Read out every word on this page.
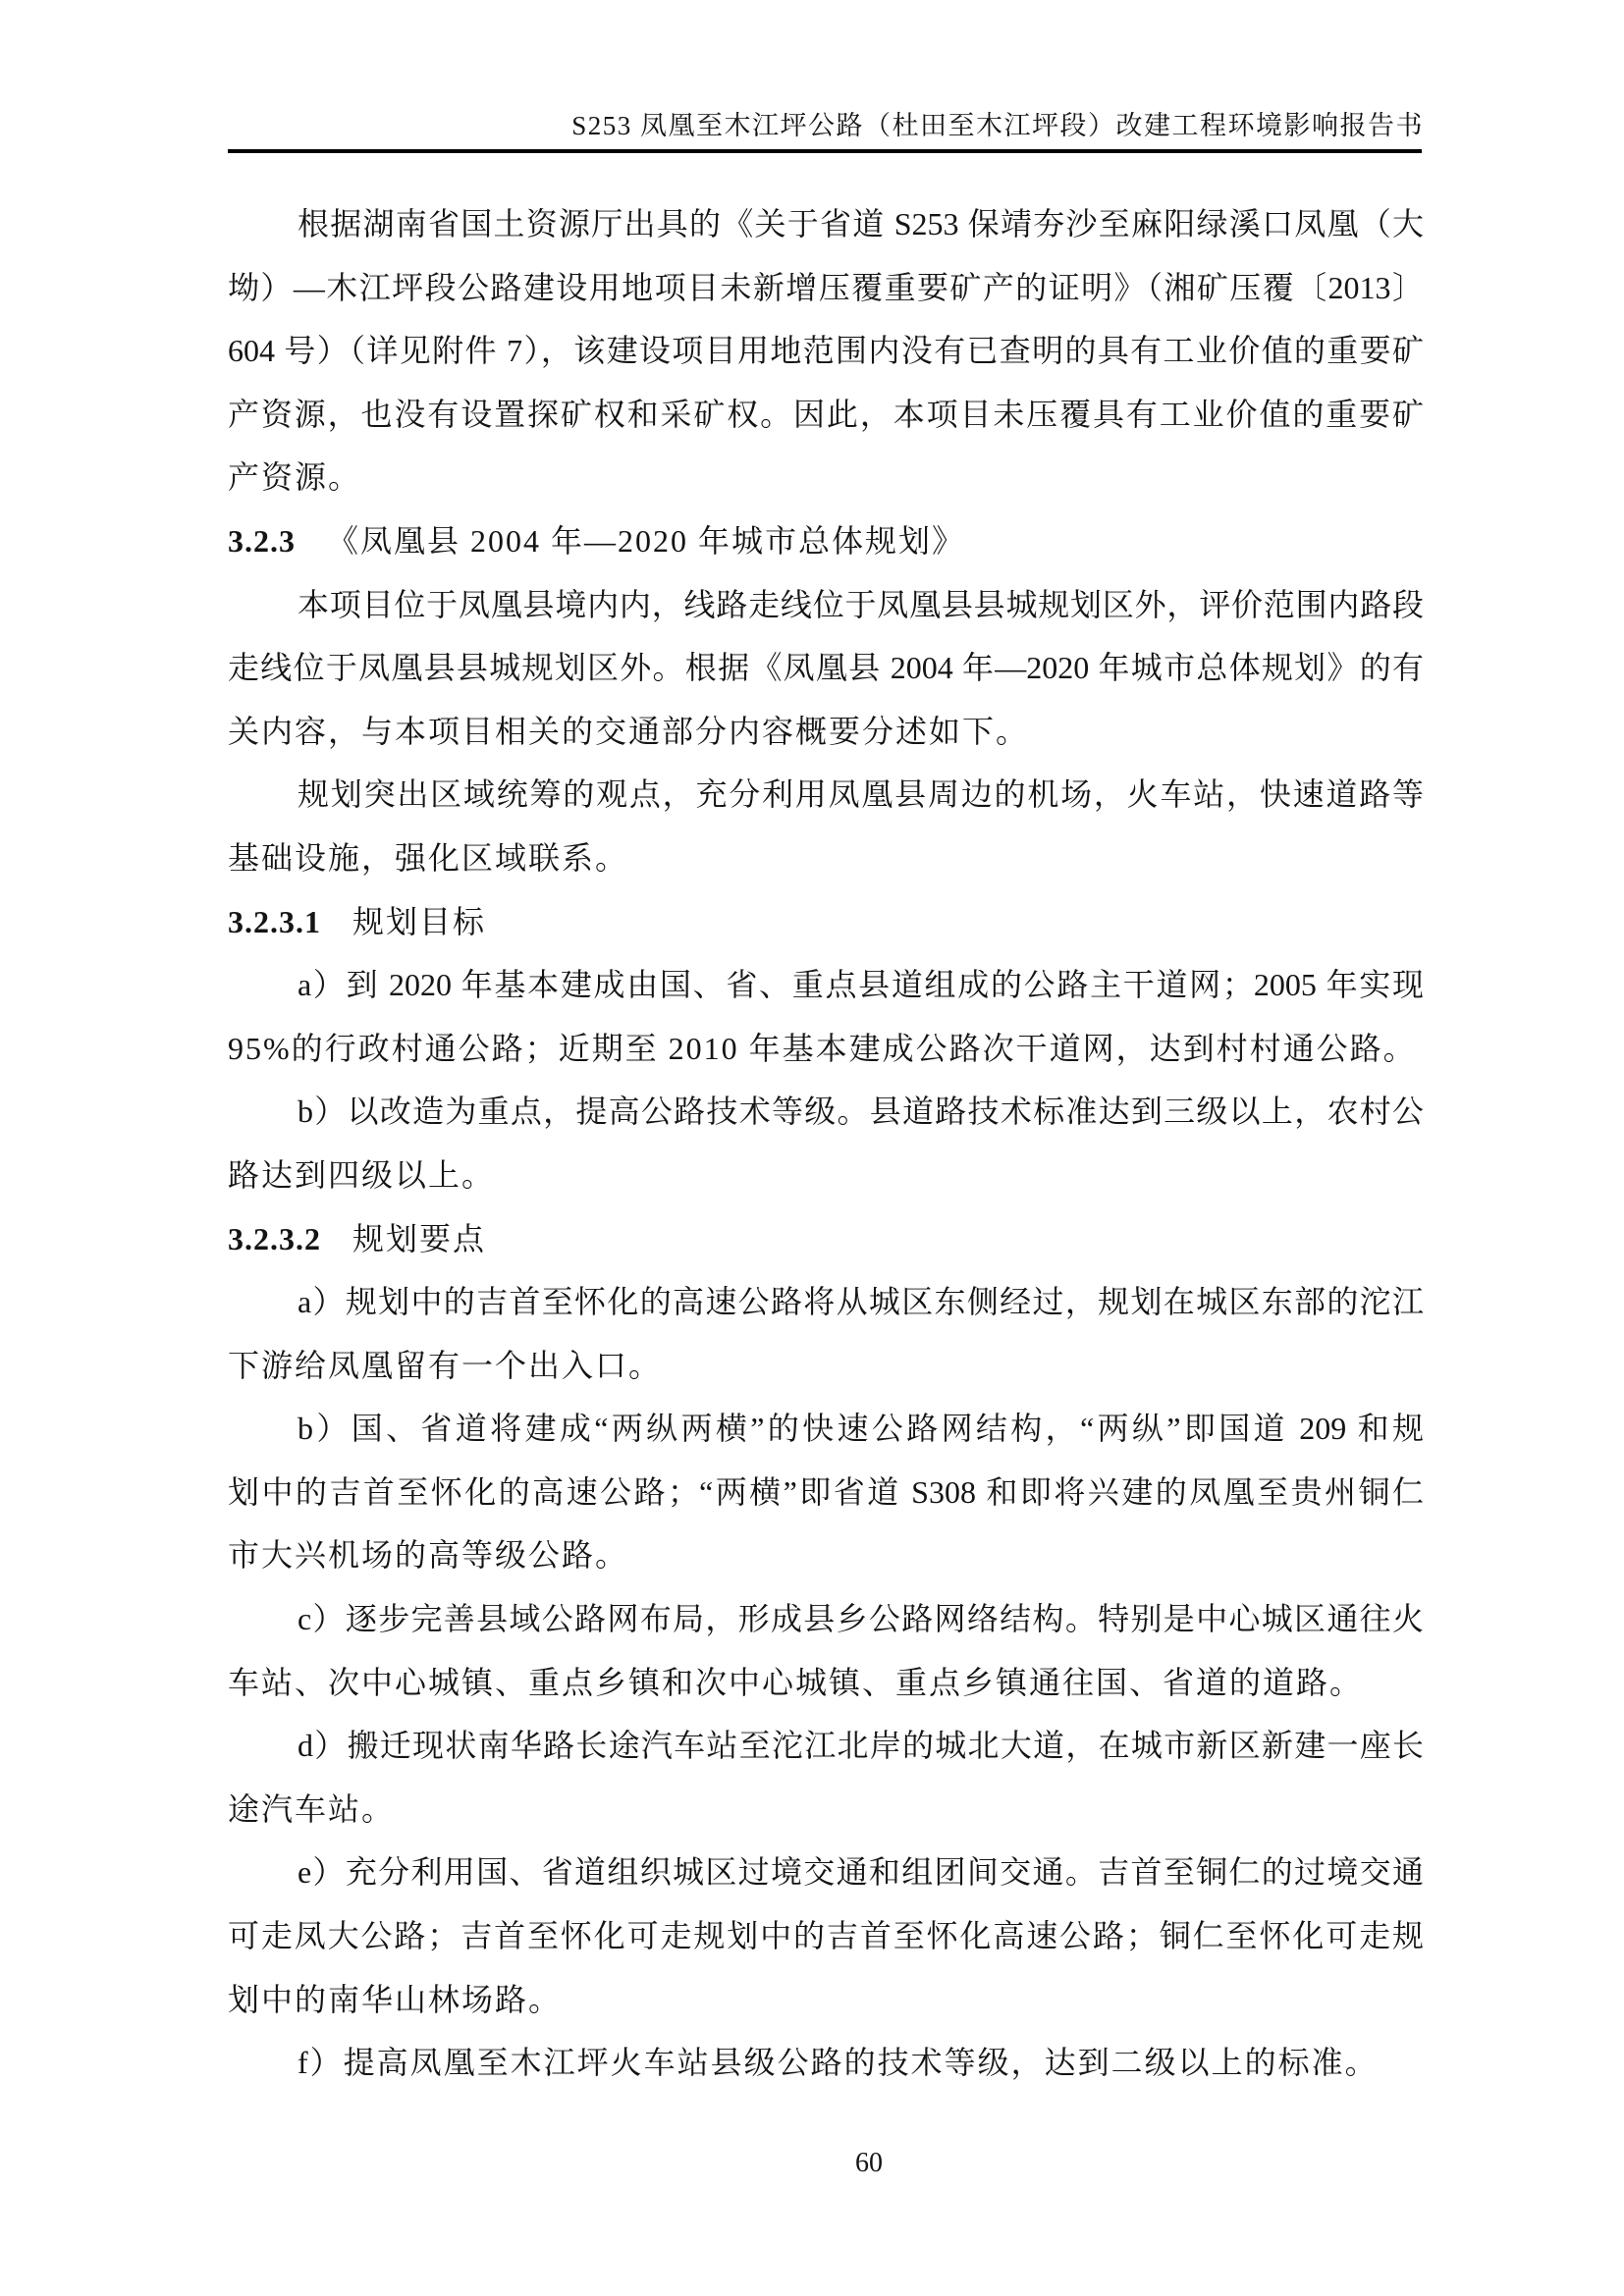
S253 凤凰至木江坪公路（杜田至木江坪段）改建工程环境影响报告书
根据湖南省国土资源厅出具的《关于省道 S253 保靖夯沙至麻阳绿溪口凤凰（大
坳）—木江坪段公路建设用地项目未新增压覆重要矿产的证明》（湘矿压覆〔2013〕
604 号）（详见附件 7），该建设项目用地范围内没有已查明的具有工业价值的重要矿
产资源，也没有设置探矿权和采矿权。因此，本项目未压覆具有工业价值的重要矿
产资源。
3.2.3 《凤凰县 2004 年—2020 年城市总体规划》
本项目位于凤凰县境内内，线路走线位于凤凰县县城规划区外，评价范围内路段
走线位于凤凰县县城规划区外。根据《凤凰县 2004 年—2020 年城市总体规划》的有
关内容，与本项目相关的交通部分内容概要分述如下。
规划突出区域统筹的观点，充分利用凤凰县周边的机场，火车站，快速道路等
基础设施，强化区域联系。
3.2.3.1 规划目标
a）到 2020 年基本建成由国、省、重点县道组成的公路主干道网；2005 年实现
95%的行政村通公路；近期至 2010 年基本建成公路次干道网，达到村村通公路。
b）以改造为重点，提高公路技术等级。县道路技术标准达到三级以上，农村公
路达到四级以上。
3.2.3.2 规划要点
a）规划中的吉首至怀化的高速公路将从城区东侧经过，规划在城区东部的沱江
下游给凤凰留有一个出入口。
b）国、省道将建成“两纵两横”的快速公路网结构，“两纵”即国道 209 和规
划中的吉首至怀化的高速公路；“两横”即省道 S308 和即将兴建的凤凰至贵州铜仁
市大兴机场的高等级公路。
c）逐步完善县域公路网布局，形成县乡公路网络结构。特别是中心城区通往火
车站、次中心城镇、重点乡镇和次中心城镇、重点乡镇通往国、省道的道路。
d）搬迁现状南华路长途汽车站至沱江北岸的城北大道，在城市新区新建一座长
途汽车站。
e）充分利用国、省道组织城区过境交通和组团间交通。吉首至铜仁的过境交通
可走凤大公路；吉首至怀化可走规划中的吉首至怀化高速公路；铜仁至怀化可走规
划中的南华山林场路。
f）提高凤凰至木江坪火车站县级公路的技术等级，达到二级以上的标准。
60
